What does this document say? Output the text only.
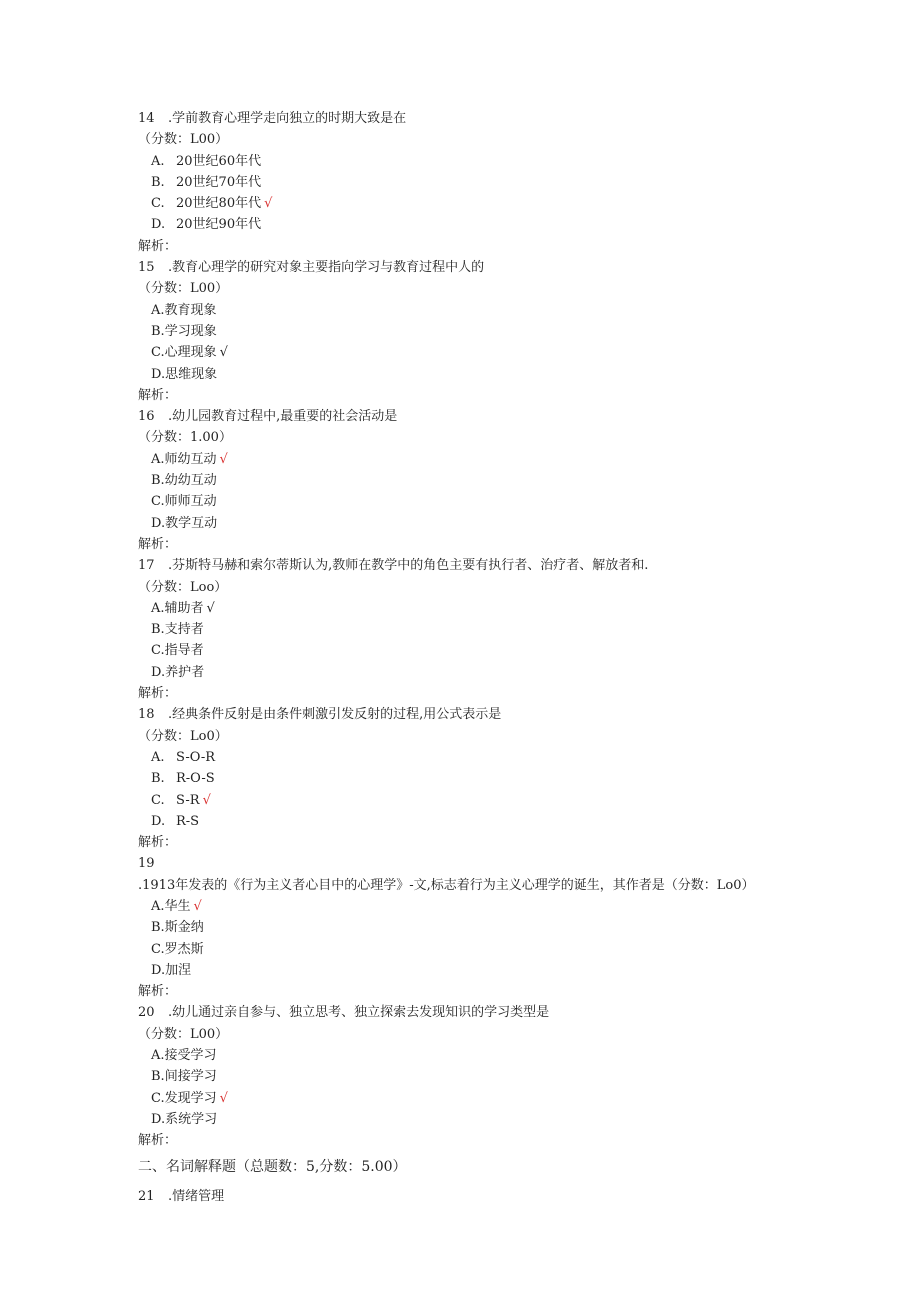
14 .学前教育心理学走向独立的时期大致是在
（分数：L00）
A. 20世纪60年代
B. 20世纪70年代
C. 20世纪80年代 √
D. 20世纪90年代
解析：
15 .教育心理学的研究对象主要指向学习与教育过程中人的
（分数：L00）
A.教育现象
B.学习现象
C.心理现象 √
D.思维现象
解析：
16 .幼儿园教育过程中,最重要的社会活动是
（分数：1.00）
A.师幼互动 √
B.幼幼互动
C.师师互动
D.教学互动
解析：
17 .芬斯特马赫和索尔蒂斯认为,教师在教学中的角色主要有执行者、治疗者、解放者和.
（分数：Loo）
A.辅助者 √
B.支持者
C.指导者
D.养护者
解析：
18 .经典条件反射是由条件刺激引发反射的过程,用公式表示是
（分数：Lo0）
A. S-O-R
B. R-O-S
C. S-R √
D. R-S
解析：
19.1913年发表的《行为主义者心目中的心理学》-文,标志着行为主义心理学的诞生，其作者是（分数：Lo0）
A.华生 √
B.斯金纳
C.罗杰斯
D.加涅
解析：
20 .幼儿通过亲自参与、独立思考、独立探索去发现知识的学习类型是
（分数：L00）
A.接受学习
B.间接学习
C.发现学习 √
D.系统学习
解析：
二、名词解释题（总题数：5,分数：5.00）
21 .情绪管理
